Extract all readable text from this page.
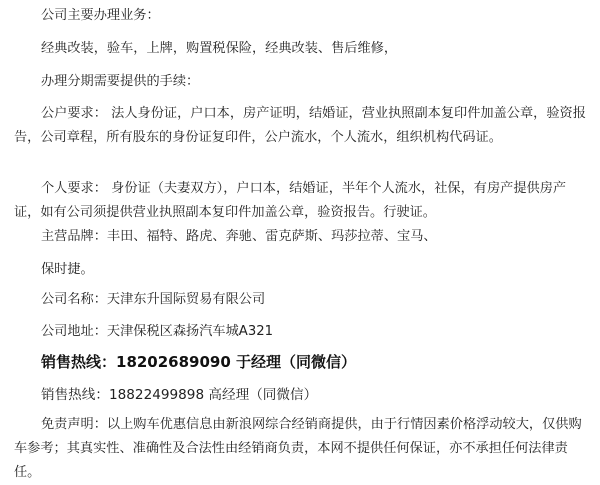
公司主要办理业务：

经典改装，验车，上牌，购置税保险，经典改装、售后维修，

办理分期需要提供的手续：

公户要求： 法人身份证，户口本，房产证明，结婚证，营业执照副本复印件加盖公章，验资报告，公司章程，所有股东的身份证复印件，公户流水，个人流水，组织机构代码证。

个人要求： 身份证（夫妻双方），户口本，结婚证，半年个人流水，社保，有房产提供房产证，如有公司须提供营业执照副本复印件加盖公章，验资报告。行驶证。

主营品牌：丰田、福特、路虎、奔驰、雷克萨斯、玛莎拉蒂、宝马、

保时捷。

公司名称：天津东升国际贸易有限公司

公司地址：天津保税区森扬汽车城A321

销售热线：18202689090 于经理（同微信）

销售热线：18822499898 高经理（同微信）

免责声明：以上购车优惠信息由新浪网综合经销商提供，由于行情因素价格浮动较大，仅供购车参考；其真实性、准确性及合法性由经销商负责，本网不提供任何保证，亦不承担任何法律责任。
